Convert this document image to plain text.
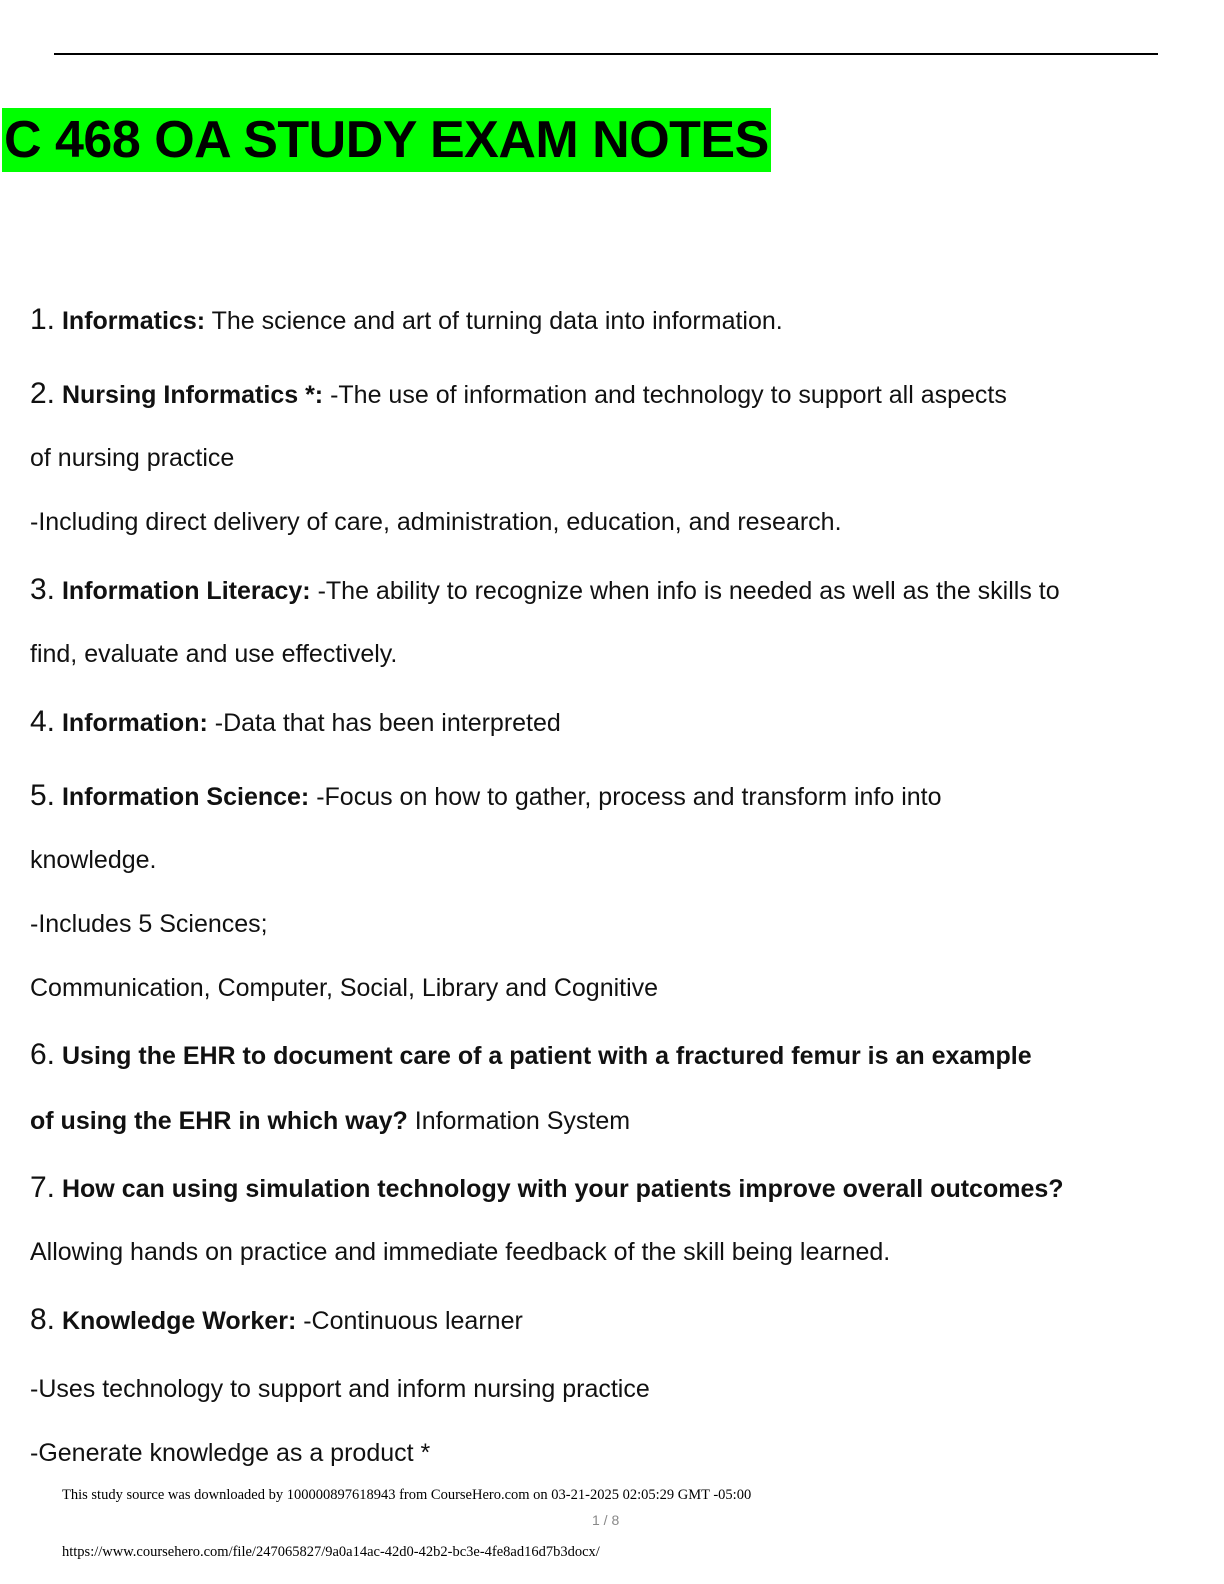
C 468 OA STUDY EXAM NOTES
1. Informatics: The science and art of turning data into information.
2. Nursing Informatics *: -The use of information and technology to support all aspects
of nursing practice
-Including direct delivery of care, administration, education, and research.
3. Information Literacy: -The ability to recognize when info is needed as well as the skills to
find, evaluate and use effectively.
4. Information: -Data that has been interpreted
5. Information Science: -Focus on how to gather, process and transform info into
knowledge.
-Includes 5 Sciences;
Communication, Computer, Social, Library and Cognitive
6. Using the EHR to document care of a patient with a fractured femur is an example
of using the EHR in which way? Information System
7. How can using simulation technology with your patients improve overall outcomes?
Allowing hands on practice and immediate feedback of the skill being learned.
8. Knowledge Worker: -Continuous learner
-Uses technology to support and inform nursing practice
-Generate knowledge as a product *
This study source was downloaded by 100000897618943 from CourseHero.com on 03-21-2025 02:05:29 GMT -05:00
1 / 8
https://www.coursehero.com/file/247065827/9a0a14ac-42d0-42b2-bc3e-4fe8ad16d7b3docx/
